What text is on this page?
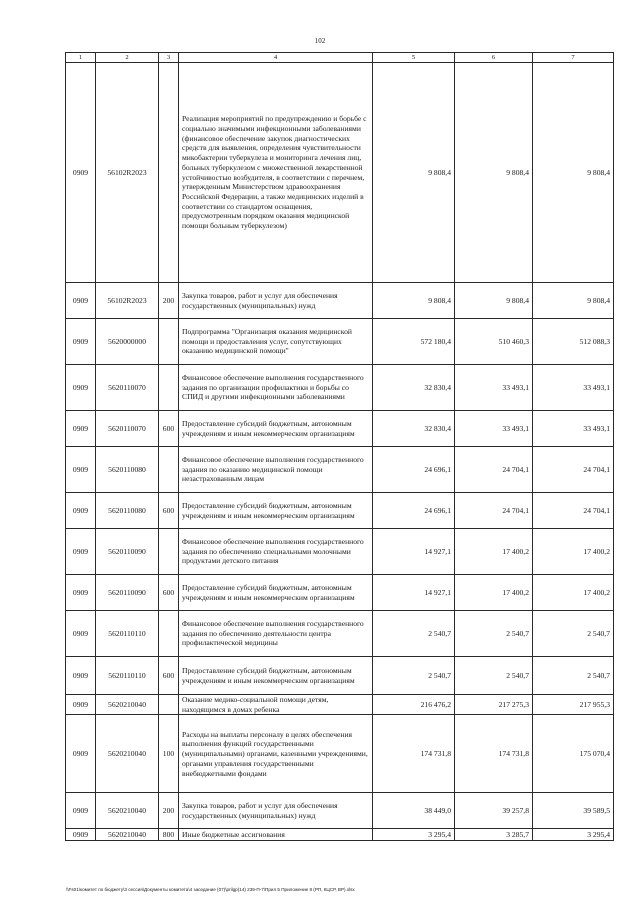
102
1	2	3	4	5	6	7
0909	56102R2023		Реализация мероприятий по предупреждению и борьбе с социально значимыми инфекционными заболеваниями (финансовое обеспечение закупок диагностических средств для выявления, определения чувствительности микобактерии туберкулеза и мониторинга лечения лиц, больных туберкулезом с множественной лекарственной устойчивостью возбудителя, в соответствии с перечнем, утвержденным Министерством здравоохранения Российской Федерации, а также медицинских изделий в соответствии со стандартом оснащения, предусмотренным порядком оказания медицинской помощи больным туберкулезом)	9 808,4	9 808,4	9 808,4
0909	56102R2023	200	Закупка товаров, работ и услуг для обеспечения государственных (муниципальных) нужд	9 808,4	9 808,4	9 808,4
0909	5620000000		Подпрограмма "Организация оказания медицинской помощи и предоставления услуг, сопутствующих оказанию медицинской помощи"	572 180,4	510 460,3	512 088,3
0909	5620110070		Финансовое обеспечение выполнения государственного задания по организации профилактики и борьбы со СПИД и другими инфекционными заболеваниями	32 830,4	33 493,1	33 493,1
0909	5620110070	600	Предоставление субсидий бюджетным, автономным учреждениям и иным некоммерческим организациям	32 830,4	33 493,1	33 493,1
0909	5620110080		Финансовое обеспечение выполнения государственного задания по оказанию медицинской помощи незастрахованным лицам	24 696,1	24 704,1	24 704,1
0909	5620110080	600	Предоставление субсидий бюджетным, автономным учреждениям и иным некоммерческим организациям	24 696,1	24 704,1	24 704,1
0909	5620110090		Финансовое обеспечение выполнения государственного задания по обеспечению специальными молочными продуктами детского питания	14 927,1	17 400,2	17 400,2
0909	5620110090	600	Предоставление субсидий бюджетным, автономным учреждениям и иным некоммерческим организациям	14 927,1	17 400,2	17 400,2
0909	5620110110		Финансовое обеспечение выполнения государственного задания по обеспечению деятельности центра профилактической медицины	2 540,7	2 540,7	2 540,7
0909	5620110110	600	Предоставление субсидий бюджетным, автономным учреждениям и иным некоммерческим организациям	2 540,7	2 540,7	2 540,7
0909	5620210040		Оказание медико-социальной помощи детям, находящимся в домах ребенка	216 476,2	217 275,3	217 955,3
0909	5620210040	100	Расходы на выплаты персоналу в целях обеспечения выполнения функций государственными (муниципальными) органами, казенными учреждениями, органами управления государственными внебюджетными фондами	174 731,8	174 731,8	175 070,4
0909	5620210040	200	Закупка товаров, работ и услуг для обеспечения государственных (муниципальных) нужд	38 449,0	39 257,8	39 589,5
0909	5620210040	800	Иные бюджетные ассигнования	3 295,4	3 285,7	3 295,4
\\Fs01\комитет по бюджету\3 сессия\Документы комитета\4 заседание (07)\prilgp(14) 239-П-7\Прил 5 Приложение 8 (РП, КЦСР, ВР).xlsx
